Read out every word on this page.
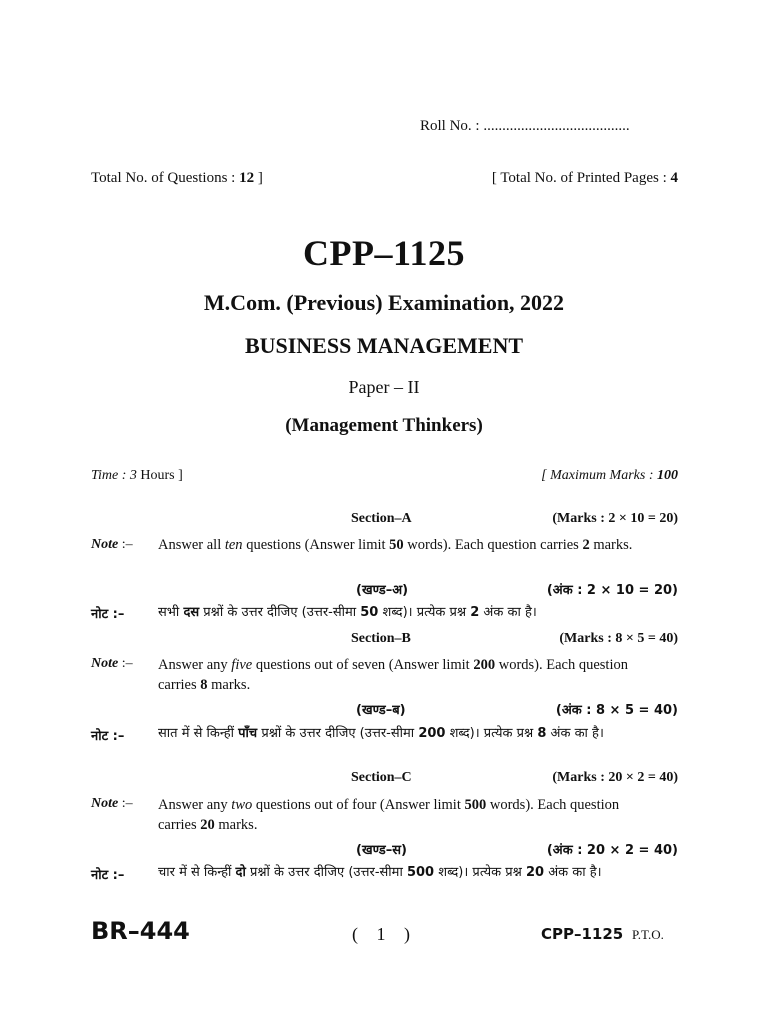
Roll No. : .......................................
Total No. of Questions : 12 ]	[ Total No. of Printed Pages : 4
CPP–1125
M.Com. (Previous) Examination, 2022
BUSINESS MANAGEMENT
Paper – II
(Management Thinkers)
Time : 3 Hours ]	[ Maximum Marks : 100
Section–A	(Marks : 2 × 10 = 20)
Note :– Answer all ten questions (Answer limit 50 words). Each question carries 2 marks.
(खण्ड–अ)	(अंक : 2 × 10 = 20)
नोट :–	सभी दस प्रश्नों के उत्तर दीजिए (उत्तर-सीमा 50 शब्द)। प्रत्येक प्रश्न 2 अंक का है।
Section–B	(Marks : 8 × 5 = 40)
Note :– Answer any five questions out of seven (Answer limit 200 words). Each question carries 8 marks.
(खण्ड–ब)	(अंक : 8 × 5 = 40)
नोट :–	सात में से किन्हीं पाँच प्रश्नों के उत्तर दीजिए (उत्तर-सीमा 200 शब्द)। प्रत्येक प्रश्न 8 अंक का है।
Section–C	(Marks : 20 × 2 = 40)
Note :– Answer any two questions out of four (Answer limit 500 words). Each question carries 20 marks.
(खण्ड–स)	(अंक : 20 × 2 = 40)
नोट :–	चार में से किन्हीं दो प्रश्नों के उत्तर दीजिए (उत्तर-सीमा 500 शब्द)। प्रत्येक प्रश्न 20 अंक का है।
BR–444	( 1 )	CPP–1125 P.T.O.
